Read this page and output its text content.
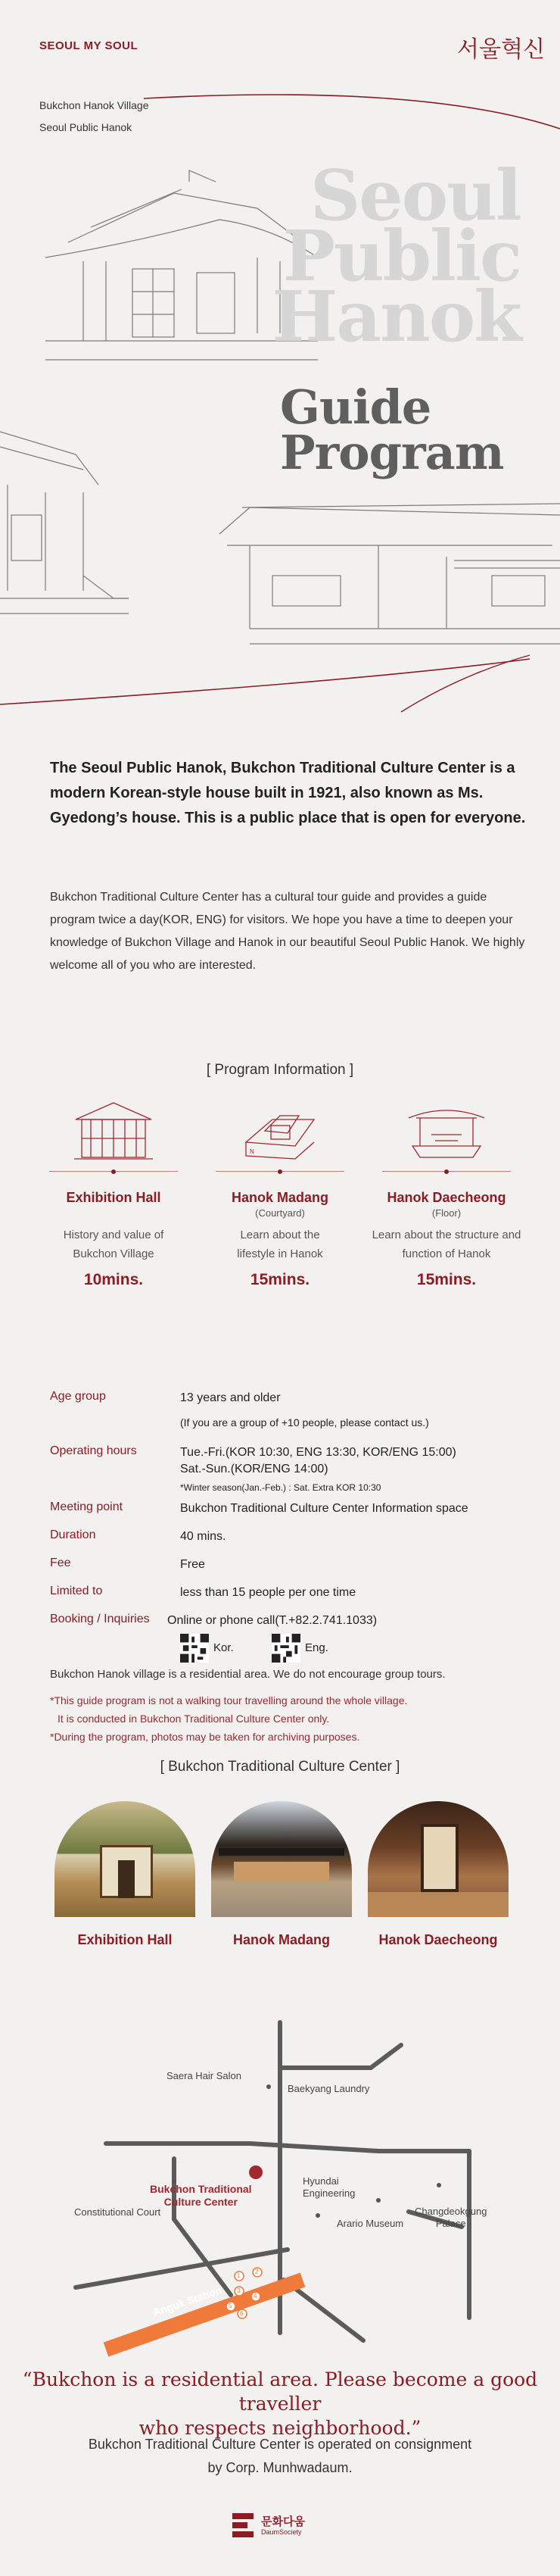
SEOUL MY SOUL	서울혁신
Bukchon Hanok Village
Seoul Public Hanok
Seoul
Public
Hanok
Guide
Program
The Seoul Public Hanok, Bukchon Traditional Culture Center is a modern Korean-style house built in 1921, also known as Ms. Gyedong’s house. This is a public place that is open for everyone.
Bukchon Traditional Culture Center has a cultural tour guide and provides a guide program twice a day(KOR, ENG) for visitors. We hope you have a time to deepen your knowledge of Bukchon Village and Hanok in our beautiful Seoul Public Hanok. We highly welcome all of you who are interested.
[ Program Information ]
Exhibition Hall
History and value of Bukchon Village
10mins.
N
Hanok Madang
(Courtyard)
Learn about the lifestyle in Hanok
15mins.
Hanok Daecheong
(Floor)
Learn about the structure and function of Hanok
15mins.
Age group	13 years and older
(If you are a group of +10 people, please contact us.)
Operating hours	Tue.-Fri.(KOR 10:30, ENG 13:30, KOR/ENG 15:00)
Sat.-Sun.(KOR/ENG 14:00)
*Winter season(Jan.-Feb.) : Sat. Extra KOR 10:30
Meeting point	Bukchon Traditional Culture Center Information space
Duration	40 mins.
Fee	Free
Limited to	less than 15 people per one time
Booking / Inquiries Online or phone call(T.+82.2.741.1033)
Kor.	Eng.
Bukchon Hanok village is a residential area. We do not encourage group tours.
*This guide program is not a walking tour travelling around the whole village.
It is conducted in Bukchon Traditional Culture Center only.
*During the program, photos may be taken for archiving purposes.
[ Bukchon Traditional Culture Center ]
Exhibition Hall	Hanok Madang	Hanok Daecheong
Saera Hair Salon
Baekyang Laundry
Bukchon Traditional
Culture Center
Hyundai
Engineering
Constitutional Court
Arario Museum
Changdeokgung
Palace
Anguk Station
1
2
3
4
5
6
“Bukchon is a residential area. Please become a good traveller
who respects neighborhood.”
Bukchon Traditional Culture Center is operated on consignment
by Corp. Munhwadaum.
문화다움
DaumSociety
